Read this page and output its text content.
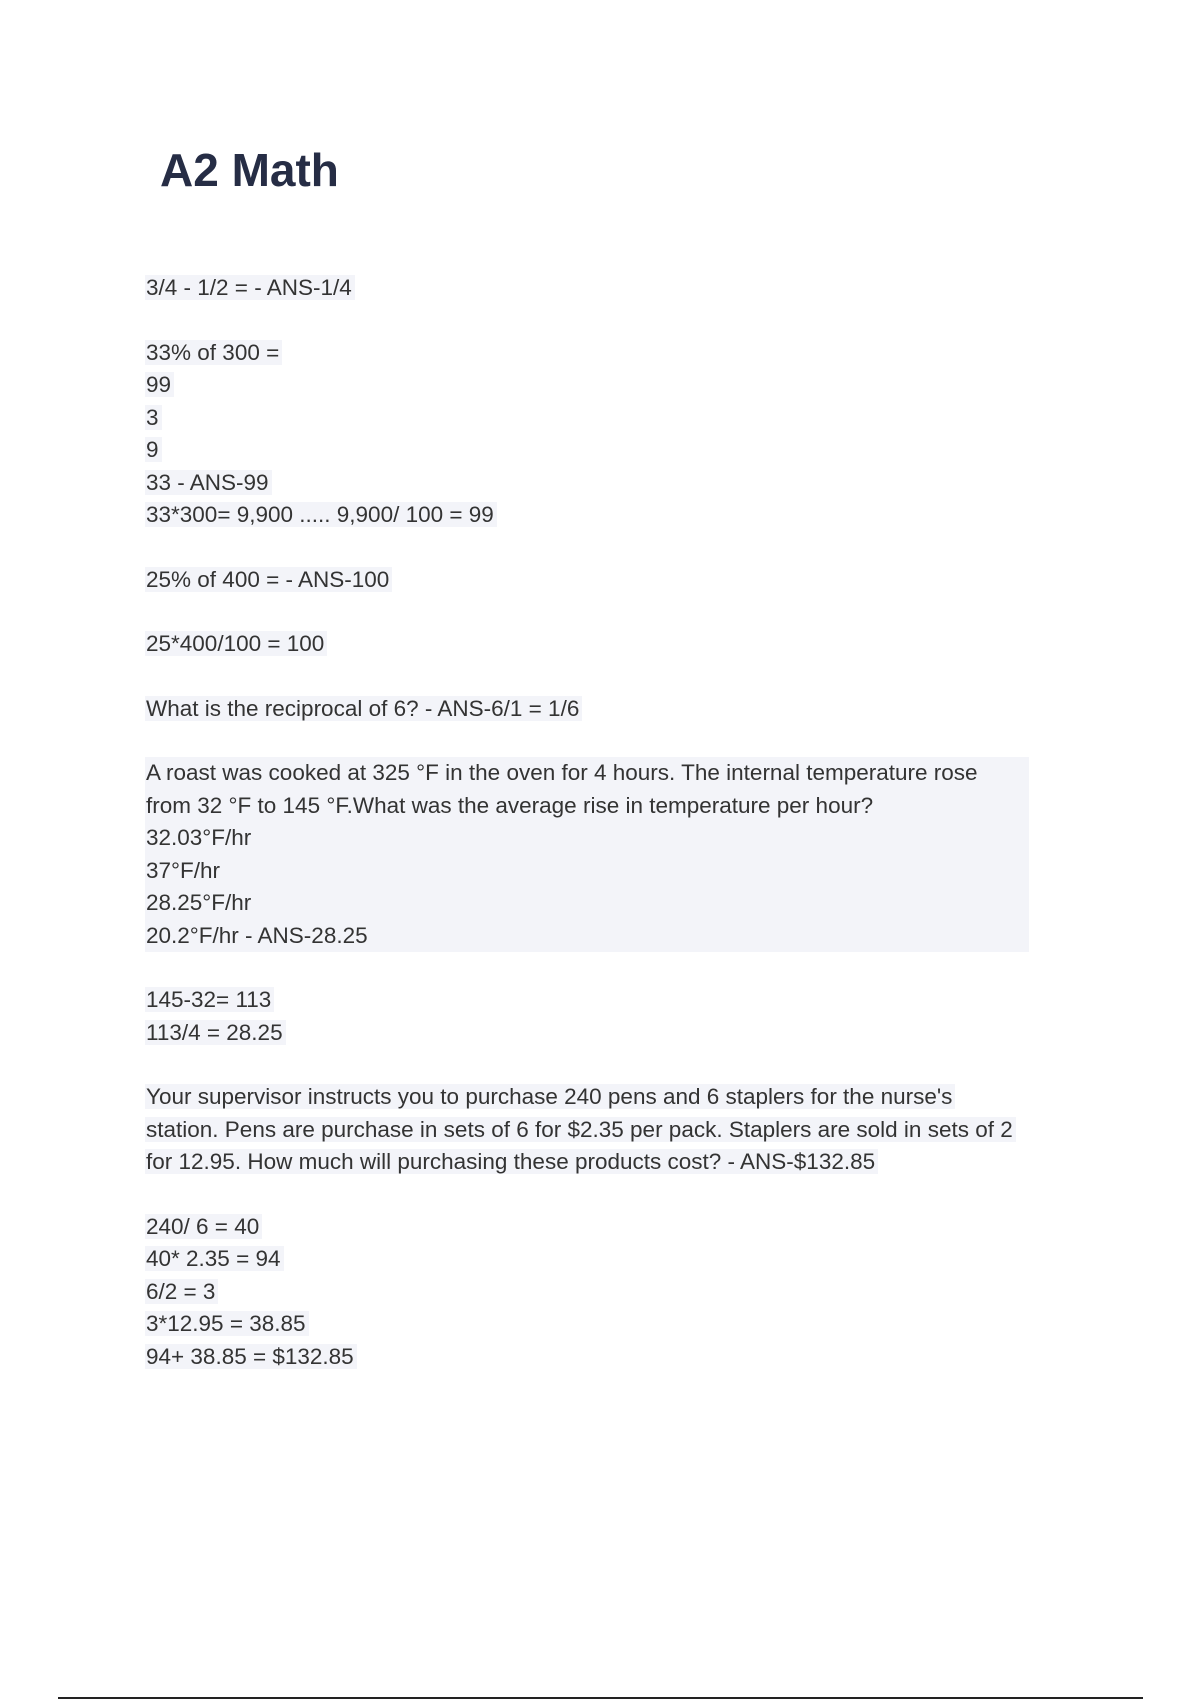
A2 Math
3/4 - 1/2 = - ANS-1/4
33% of 300 =
99
3
9
33 - ANS-99
33*300= 9,900 ..... 9,900/ 100 = 99
25% of 400 = - ANS-100
25*400/100 = 100
What is the reciprocal of 6? - ANS-6/1 = 1/6
A roast was cooked at 325 °F in the oven for 4 hours. The internal temperature rose
from 32 °F to 145 °F.What was the average rise in temperature per hour?
32.03°F/hr
37°F/hr
28.25°F/hr
20.2°F/hr - ANS-28.25
145-32= 113
113/4 = 28.25
Your supervisor instructs you to purchase 240 pens and 6 staplers for the nurse's
station. Pens are purchase in sets of 6 for $2.35 per pack. Staplers are sold in sets of 2
for 12.95. How much will purchasing these products cost? - ANS-$132.85
240/ 6 = 40
40* 2.35 = 94
6/2 = 3
3*12.95 = 38.85
94+ 38.85 = $132.85
